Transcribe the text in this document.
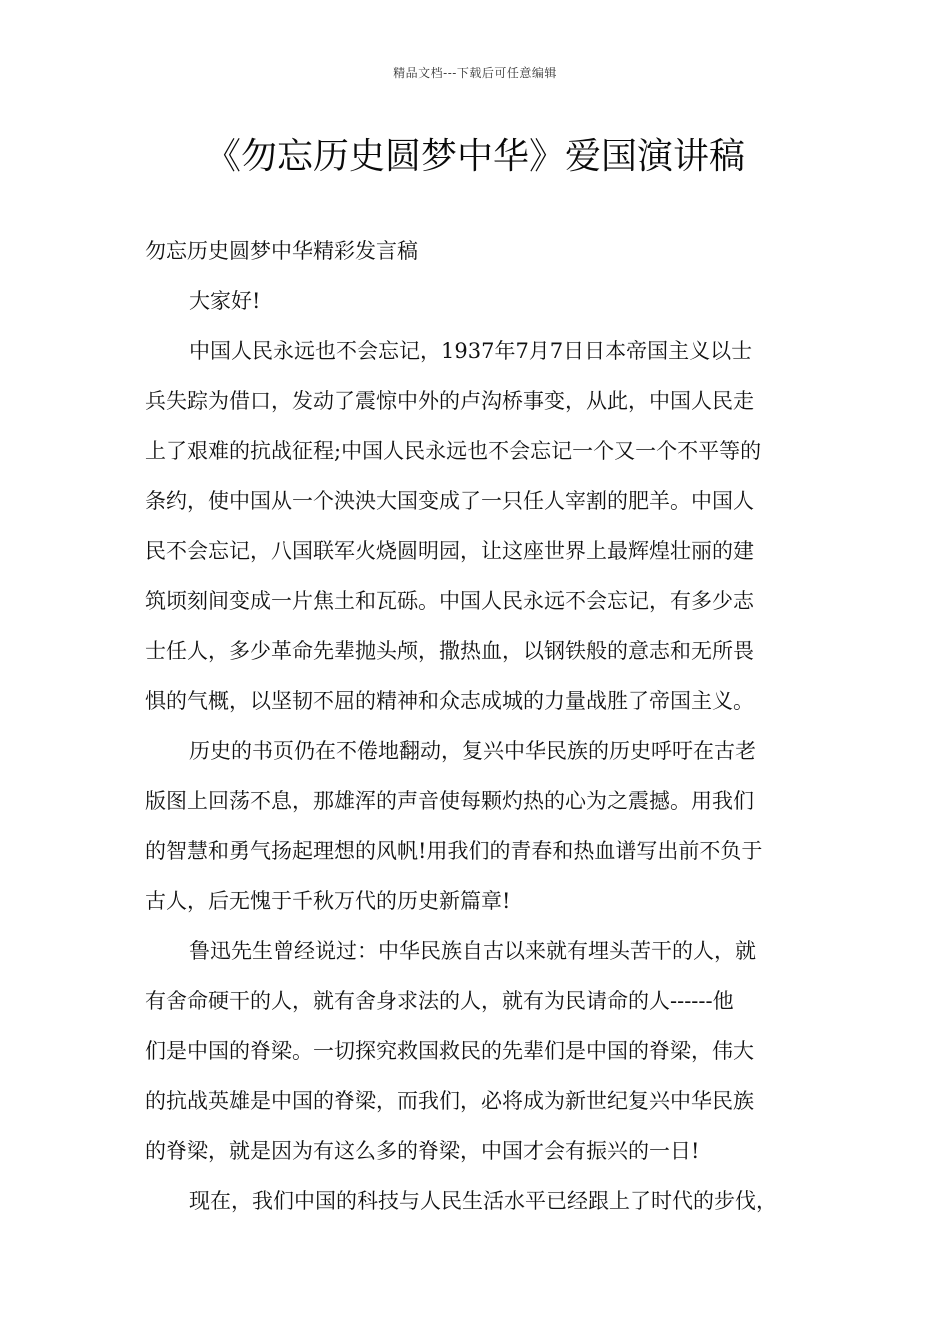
精品文档---下载后可任意编辑
《勿忘历史圆梦中华》爱国演讲稿
勿忘历史圆梦中华精彩发言稿
大家好!
中国人民永远也不会忘记，1937年7月7日日本帝国主义以士
兵失踪为借口，发动了震惊中外的卢沟桥事变，从此，中国人民走
上了艰难的抗战征程;中国人民永远也不会忘记一个又一个不平等的
条约，使中国从一个泱泱大国变成了一只任人宰割的肥羊。中国人
民不会忘记，八国联军火烧圆明园，让这座世界上最辉煌壮丽的建
筑顷刻间变成一片焦土和瓦砾。中国人民永远不会忘记，有多少志
士任人，多少革命先辈抛头颅，撒热血，以钢铁般的意志和无所畏
惧的气概，以坚韧不屈的精神和众志成城的力量战胜了帝国主义。
历史的书页仍在不倦地翻动，复兴中华民族的历史呼吁在古老
版图上回荡不息，那雄浑的声音使每颗灼热的心为之震撼。用我们
的智慧和勇气扬起理想的风帆!用我们的青春和热血谱写出前不负于
古人，后无愧于千秋万代的历史新篇章!
鲁迅先生曾经说过：中华民族自古以来就有埋头苦干的人，就
有舍命硬干的人，就有舍身求法的人，就有为民请命的人------他
们是中国的脊梁。一切探究救国救民的先辈们是中国的脊梁，伟大
的抗战英雄是中国的脊梁，而我们，必将成为新世纪复兴中华民族
的脊梁，就是因为有这么多的脊梁，中国才会有振兴的一日!
现在，我们中国的科技与人民生活水平已经跟上了时代的步伐，
